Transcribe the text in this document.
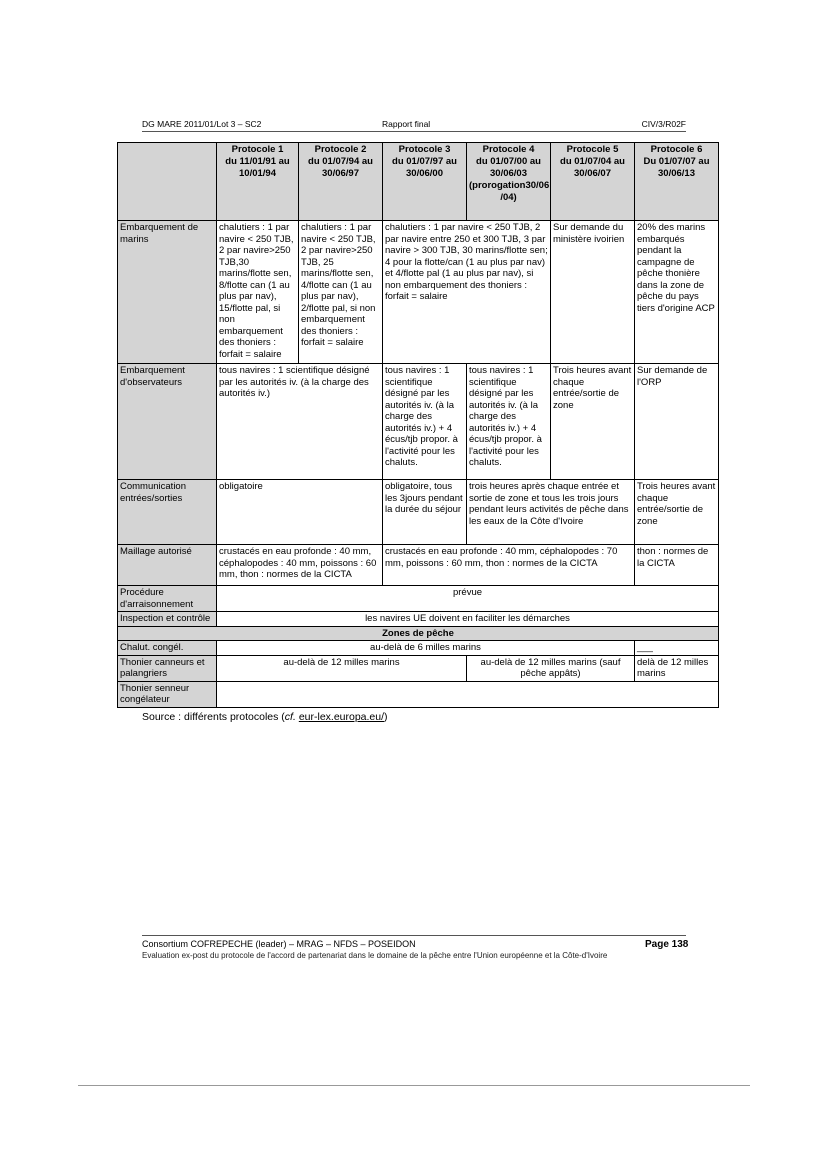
DG MARE 2011/01/Lot 3 – SC2	Rapport final	CIV/3/R02F
	Protocole 1
du 11/01/91 au
10/01/94	Protocole 2
du 01/07/94 au
30/06/97	Protocole 3
du 01/07/97 au
30/06/00	Protocole 4
du 01/07/00 au
30/06/03
(prorogation30/06
/04)	Protocole 5
du 01/07/04 au
30/06/07	Protocole 6
Du 01/07/07 au
30/06/13
Embarquement de marins	chalutiers : 1 par navire < 250 TJB, 2 par navire>250 TJB,30 marins/flotte sen, 8/flotte can (1 au plus par nav), 15/flotte pal, si non embarquement des thoniers : forfait = salaire	chalutiers : 1 par navire < 250 TJB, 2 par navire>250 TJB, 25 marins/flotte sen, 4/flotte can (1 au plus par nav), 2/flotte pal, si non embarquement des thoniers : forfait = salaire	chalutiers : 1 par navire < 250 TJB, 2 par navire entre 250 et 300 TJB, 3 par navire > 300 TJB, 30 marins/flotte sen; 4 pour la flotte/can (1 au plus par nav) et 4/flotte pal (1 au plus par nav), si non embarquement des thoniers : forfait = salaire		Sur demande du ministère ivoirien	20% des marins embarqués pendant la campagne de pêche thonière dans la zone de pêche du pays tiers d'origine ACP
Embarquement d'observateurs	tous navires : 1 scientifique désigné par les autorités iv. (à la charge des autorités iv.)		tous navires : 1 scientifique désigné par les autorités iv. (à la charge des autorités iv.) + 4 écus/tjb propor. à l'activité pour les chaluts.	tous navires : 1 scientifique désigné par les autorités iv. (à la charge des autorités iv.) + 4 écus/tjb propor. à l'activité pour les chaluts.	Trois heures avant chaque entrée/sortie de zone	Sur demande de l'ORP
Communication entrées/sorties	obligatoire		obligatoire, tous les 3jours pendant la durée du séjour	trois heures après chaque entrée et sortie de zone et tous les trois jours pendant leurs activités de pêche dans les eaux de la Côte d'Ivoire		Trois heures avant chaque entrée/sortie de zone
Maillage autorisé	crustacés en eau profonde : 40 mm, céphalopodes : 40 mm, poissons : 60 mm, thon : normes de la CICTA		crustacés en eau profonde : 40 mm, céphalopodes : 70 mm, poissons : 60 mm, thon : normes de la CICTA			thon : normes de la CICTA
Procédure d'arraisonnement	prévue					
Inspection et contrôle	les navires UE doivent en faciliter les démarches					
Zones de pêche						
Chalut. congél.	au-delà de 6 milles marins					___
Thonier canneurs et palangriers	au-delà de 12 milles marins			au-delà de 12 milles marins (sauf pêche appâts)		delà de 12 milles marins
Thonier senneur congélateur						
Source : différents protocoles (cf. eur-lex.europa.eu/)
Consortium COFREPECHE (leader) – MRAG – NFDS – POSEIDON	Page 138
Evaluation ex-post du protocole de l'accord de partenariat dans le domaine de la pêche entre l'Union européenne et la Côte-d'Ivoire
